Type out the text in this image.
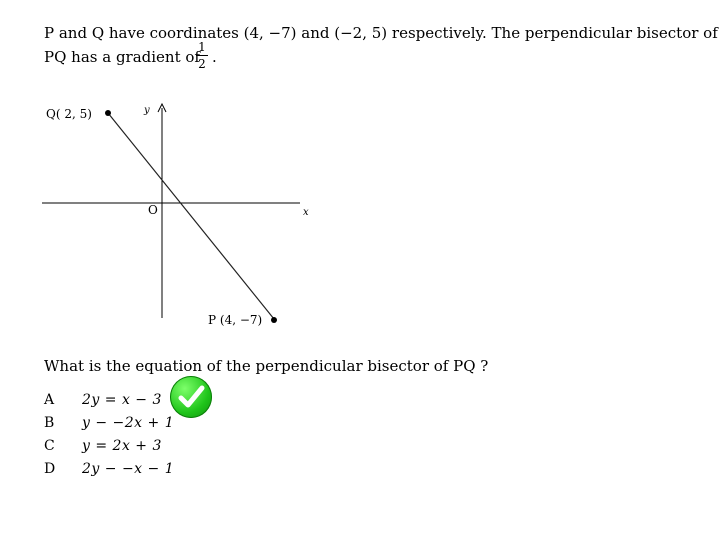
P and Q have coordinates (4, −7) and (−2, 5) respectively. The perpendicular bisector of
PQ has a gradient of
1
2 .
Q( 2, 5)
P (4, −7)
y
x
O
What is the equation of the perpendicular bisector of PQ ?
A 2y = x − 3
B y − −2x + 1
C y = 2x + 3
D 2y − −x − 1
